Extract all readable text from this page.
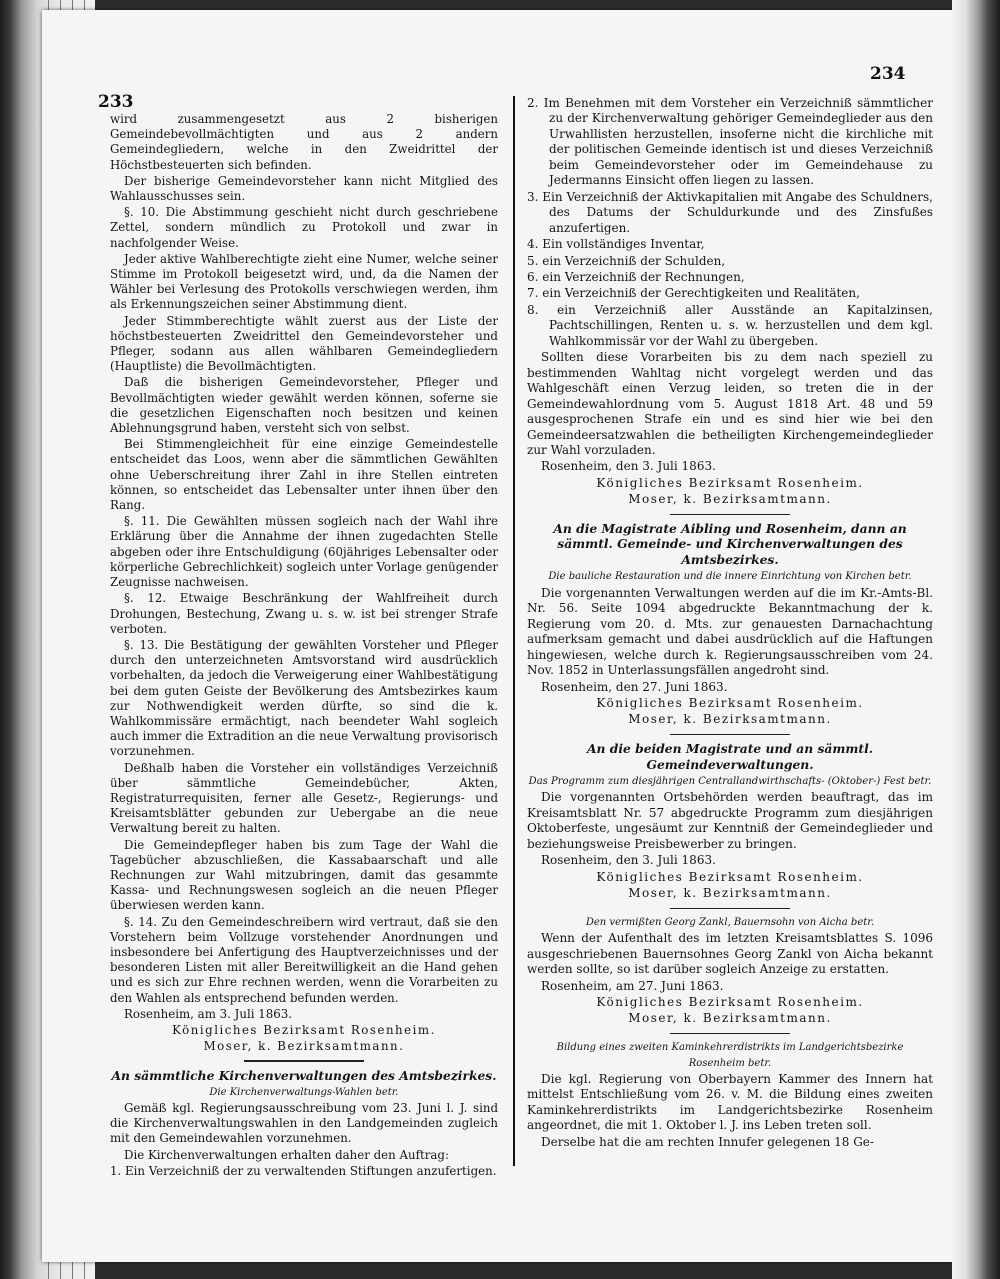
233
234

wird zusammengesetzt aus 2 bisherigen Gemeindebevollmächtigten und aus 2 andern Gemeindegliedern, welche in den Zweidrittel der Höchstbesteuerten sich befinden.

Der bisherige Gemeindevorsteher kann nicht Mitglied des Wahlausschusses sein.

§. 10. Die Abstimmung geschieht nicht durch geschriebene Zettel, sondern mündlich zu Protokoll und zwar in nachfolgender Weise.

Jeder aktive Wahlberechtigte zieht eine Numer, welche seiner Stimme im Protokoll beigesetzt wird, und, da die Namen der Wähler bei Verlesung des Protokolls verschwiegen werden, ihm als Erkennungszeichen seiner Abstimmung dient.

Jeder Stimmberechtigte wählt zuerst aus der Liste der höchstbesteuerten Zweidrittel den Gemeindevorsteher und Pfleger, sodann aus allen wählbaren Gemeindegliedern (Hauptliste) die Bevollmächtigten.

Daß die bisherigen Gemeindevorsteher, Pfleger und Bevollmächtigten wieder gewählt werden können, soferne sie die gesetzlichen Eigenschaften noch besitzen und keinen Ablehnungsgrund haben, versteht sich von selbst.

Bei Stimmengleichheit für eine einzige Gemeindestelle entscheidet das Loos, wenn aber die sämmtlichen Gewählten ohne Ueberschreitung ihrer Zahl in ihre Stellen eintreten können, so entscheidet das Lebensalter unter ihnen über den Rang.

§. 11. Die Gewählten müssen sogleich nach der Wahl ihre Erklärung über die Annahme der ihnen zugedachten Stelle abgeben oder ihre Entschuldigung (60jähriges Lebensalter oder körperliche Gebrechlichkeit) sogleich unter Vorlage genügender Zeugnisse nachweisen.

§. 12. Etwaige Beschränkung der Wahlfreiheit durch Drohungen, Bestechung, Zwang u. s. w. ist bei strenger Strafe verboten.

§. 13. Die Bestätigung der gewählten Vorsteher und Pfleger durch den unterzeichneten Amtsvorstand wird ausdrücklich vorbehalten, da jedoch die Verweigerung einer Wahlbestätigung bei dem guten Geiste der Bevölkerung des Amtsbezirkes kaum zur Nothwendigkeit werden dürfte, so sind die k. Wahlkommissäre ermächtigt, nach beendeter Wahl sogleich auch immer die Extradition an die neue Verwaltung provisorisch vorzunehmen.

Deßhalb haben die Vorsteher ein vollständiges Verzeichniß über sämmtliche Gemeindebücher, Akten, Registraturrequisiten, ferner alle Gesetz-, Regierungs- und Kreisamtsblätter gebunden zur Uebergabe an die neue Verwaltung bereit zu halten.

Die Gemeindepfleger haben bis zum Tage der Wahl die Tagebücher abzuschließen, die Kassabaarschaft und alle Rechnungen zur Wahl mitzubringen, damit das gesammte Kassa- und Rechnungswesen sogleich an die neuen Pfleger überwiesen werden kann.

§. 14. Zu den Gemeindeschreibern wird vertraut, daß sie den Vorstehern beim Vollzuge vorstehender Anordnungen und insbesondere bei Anfertigung des Hauptverzeichnisses und der besonderen Listen mit aller Bereitwilligkeit an die Hand gehen und es sich zur Ehre rechnen werden, wenn die Vorarbeiten zu den Wahlen als entsprechend befunden werden.

Rosenheim, am 3. Juli 1863.

Königliches Bezirksamt Rosenheim.

Moser, k. Bezirksamtmann.

An sämmtliche Kirchenverwaltungen des Amtsbezirkes.

Die Kirchenverwaltungs-Wahlen betr.

Gemäß kgl. Regierungsausschreibung vom 23. Juni l. J. sind die Kirchenverwaltungswahlen in den Landgemeinden zugleich mit den Gemeindewahlen vorzunehmen.

Die Kirchenverwaltungen erhalten daher den Auftrag:

1. Ein Verzeichniß der zu verwaltenden Stiftungen anzufertigen.

2. Im Benehmen mit dem Vorsteher ein Verzeichniß sämmtlicher zu der Kirchenverwaltung gehöriger Gemeindeglieder aus den Urwahllisten herzustellen, insoferne nicht die kirchliche mit der politischen Gemeinde identisch ist und dieses Verzeichniß beim Gemeindevorsteher oder im Gemeindehause zu Jedermanns Einsicht offen liegen zu lassen.

3. Ein Verzeichniß der Aktivkapitalien mit Angabe des Schuldners, des Datums der Schuldurkunde und des Zinsfußes anzufertigen.

4. Ein vollständiges Inventar,

5. ein Verzeichniß der Schulden,

6. ein Verzeichniß der Rechnungen,

7. ein Verzeichniß der Gerechtigkeiten und Realitäten,

8. ein Verzeichniß aller Ausstände an Kapitalzinsen, Pachtschillingen, Renten u. s. w. herzustellen und dem kgl. Wahlkommissär vor der Wahl zu übergeben.

Sollten diese Vorarbeiten bis zu dem nach speziell zu bestimmenden Wahltag nicht vorgelegt werden und das Wahlgeschäft einen Verzug leiden, so treten die in der Gemeindewahlordnung vom 5. August 1818 Art. 48 und 59 ausgesprochenen Strafe ein und es sind hier wie bei den Gemeindeersatzwahlen die betheiligten Kirchengemeindeglieder zur Wahl vorzuladen.

Rosenheim, den 3. Juli 1863.

Königliches Bezirksamt Rosenheim.

Moser, k. Bezirksamtmann.

An die Magistrate Aibling und Rosenheim, dann an sämmtl. Gemeinde- und Kirchenverwaltungen des Amtsbezirkes.

Die bauliche Restauration und die innere Einrichtung von Kirchen betr.

Die vorgenannten Verwaltungen werden auf die im Kr.-Amts-Bl. Nr. 56. Seite 1094 abgedruckte Bekanntmachung der k. Regierung vom 20. d. Mts. zur genauesten Darnachachtung aufmerksam gemacht und dabei ausdrücklich auf die Haftungen hingewiesen, welche durch k. Regierungsausschreiben vom 24. Nov. 1852 in Unterlassungsfällen angedroht sind.

Rosenheim, den 27. Juni 1863.

Königliches Bezirksamt Rosenheim.

Moser, k. Bezirksamtmann.

An die beiden Magistrate und an sämmtl. Gemeindeverwaltungen.

Das Programm zum diesjährigen Centrallandwirthschafts- (Oktober-) Fest betr.

Die vorgenannten Ortsbehörden werden beauftragt, das im Kreisamtsblatt Nr. 57 abgedruckte Programm zum diesjährigen Oktoberfeste, ungesäumt zur Kenntniß der Gemeindeglieder und beziehungsweise Preisbewerber zu bringen.

Rosenheim, den 3. Juli 1863.

Königliches Bezirksamt Rosenheim.

Moser, k. Bezirksamtmann.

Den vermißten Georg Zankl, Bauernsohn von Aicha betr.

Wenn der Aufenthalt des im letzten Kreisamtsblattes S. 1096 ausgeschriebenen Bauernsohnes Georg Zankl von Aicha bekannt werden sollte, so ist darüber sogleich Anzeige zu erstatten.

Rosenheim, am 27. Juni 1863.

Königliches Bezirksamt Rosenheim.

Moser, k. Bezirksamtmann.

Bildung eines zweiten Kaminkehrerdistrikts im Landgerichtsbezirke Rosenheim betr.

Die kgl. Regierung von Oberbayern Kammer des Innern hat mittelst Entschließung vom 26. v. M. die Bildung eines zweiten Kaminkehrerdistrikts im Landgerichtsbezirke Rosenheim angeordnet, die mit 1. Oktober l. J. ins Leben treten soll.

Derselbe hat die am rechten Innufer gelegenen 18 Ge-
